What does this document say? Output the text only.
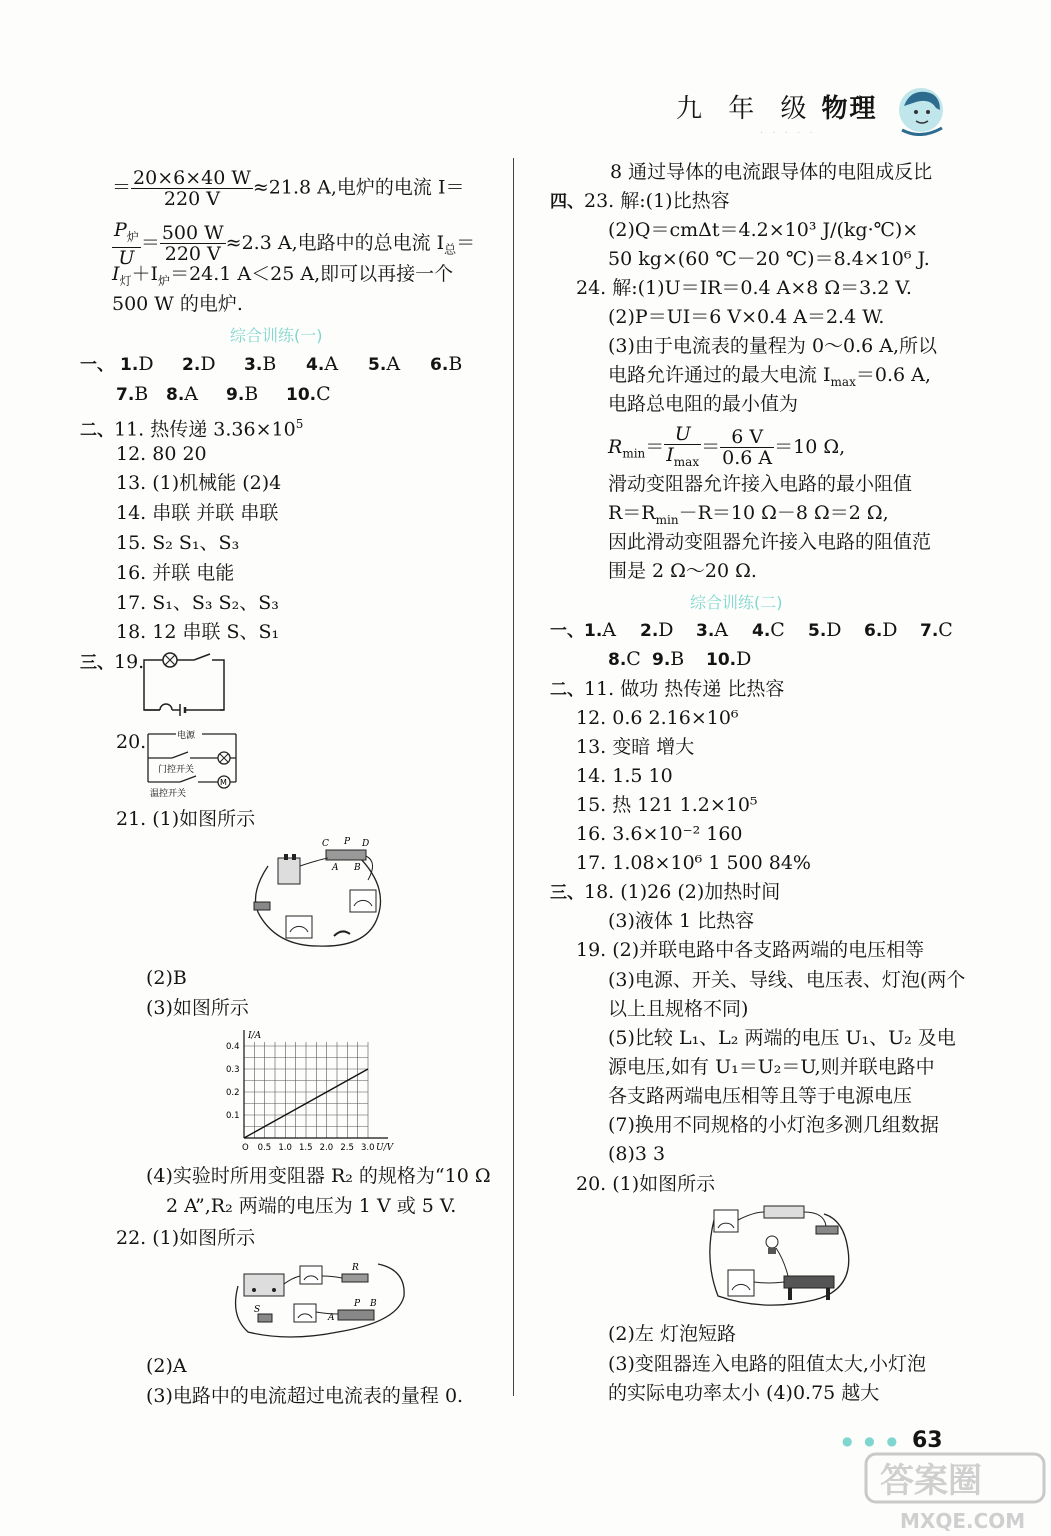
九 年 级 物理
· · · · ·
＝ $\frac{20\times 6\times 40 W}{220 V} \approx 21.8$ A,电炉的电流 I＝
$\frac{P_炉}{U} = \frac{500 W}{220 V} \approx 2.3$ A,电路中的总电流 $I_总=$
$I_灯+I_炉=24.1$ A＜25 A,即可以再接一个
500 W 的电炉.
综合训练(一)
一、 1.D 2.D 3.B 4.A 5.A 6.B
7.B 8.A 9.B 10.C
二、11. 热传递 $3.36\times 10^5$
12. 80 20
13. (1)机械能 (2)4
14. 串联 并联 串联
15. S₂ S₁、S₃
16. 并联 电能
17. S₁、S₃ S₂、S₃
18. 12 串联 S、S₁
三、19.
20.	电源
门控开关
M
温控开关
21. (1)如图所示
C P D
A B
(2)B
(3)如图所示
I/A
U/V
O 0.5 1.0 1.5 2.0 2.5 3.0
0.1
0.2
0.3
0.4
(4)实验时所用变阻器 R₂ 的规格为“10 Ω
2 A”,R₂ 两端的电压为 1 V 或 5 V.
22. (1)如图所示
R
P B
A
S
(2)A
(3)电路中的电流超过电流表的量程 0.
8 通过导体的电流跟导体的电阻成反比
四、23. 解:(1)比热容
(2)Q＝cmΔt＝4.2×10³ J/(kg·℃)×
50 kg×(60 ℃－20 ℃)＝8.4×10⁶ J.
24. 解:(1)U＝IR＝0.4 A×8 Ω＝3.2 V.
(2)P＝UI＝6 V×0.4 A＝2.4 W.
(3)由于电流表的量程为 0～0.6 A,所以
电路允许通过的最大电流 $I_{max}=0.6$ A,
电路总电阻的最小值为
$R_{min}= \frac{U}{I_{max}} = \frac{6 V}{0.6 A} =10$ Ω,
滑动变阻器允许接入电路的最小阻值
$R=R_{min}-R=10$ Ω－8 Ω＝2 Ω,
因此滑动变阻器允许接入电路的阻值范
围是 2 Ω～20 Ω.
综合训练(二)
一、1.A 2.D 3.A 4.C 5.D 6.D 7.C
8.C 9.B 10.D
二、11. 做功 热传递 比热容
12. 0.6 2.16×10⁶
13. 变暗 增大
14. 1.5 10
15. 热 121 1.2×10⁵
16. 3.6×10⁻² 160
17. 1.08×10⁶ 1 500 84%
三、18. (1)26 (2)加热时间
(3)液体 1 比热容
19. (2)并联电路中各支路两端的电压相等
(3)电源、开关、导线、电压表、灯泡(两个
以上且规格不同)
(5)比较 L₁、L₂ 两端的电压 U₁、U₂ 及电
源电压,如有 U₁＝U₂＝U,则并联电路中
各支路两端电压相等且等于电源电压
(7)换用不同规格的小灯泡多测几组数据
(8)3 3
20. (1)如图所示
(2)左 灯泡短路
(3)变阻器连入电路的阻值太大,小灯泡
的实际电功率太小 (4)0.75 越大
● ● ● 63
答案圈
MXQE.COM
